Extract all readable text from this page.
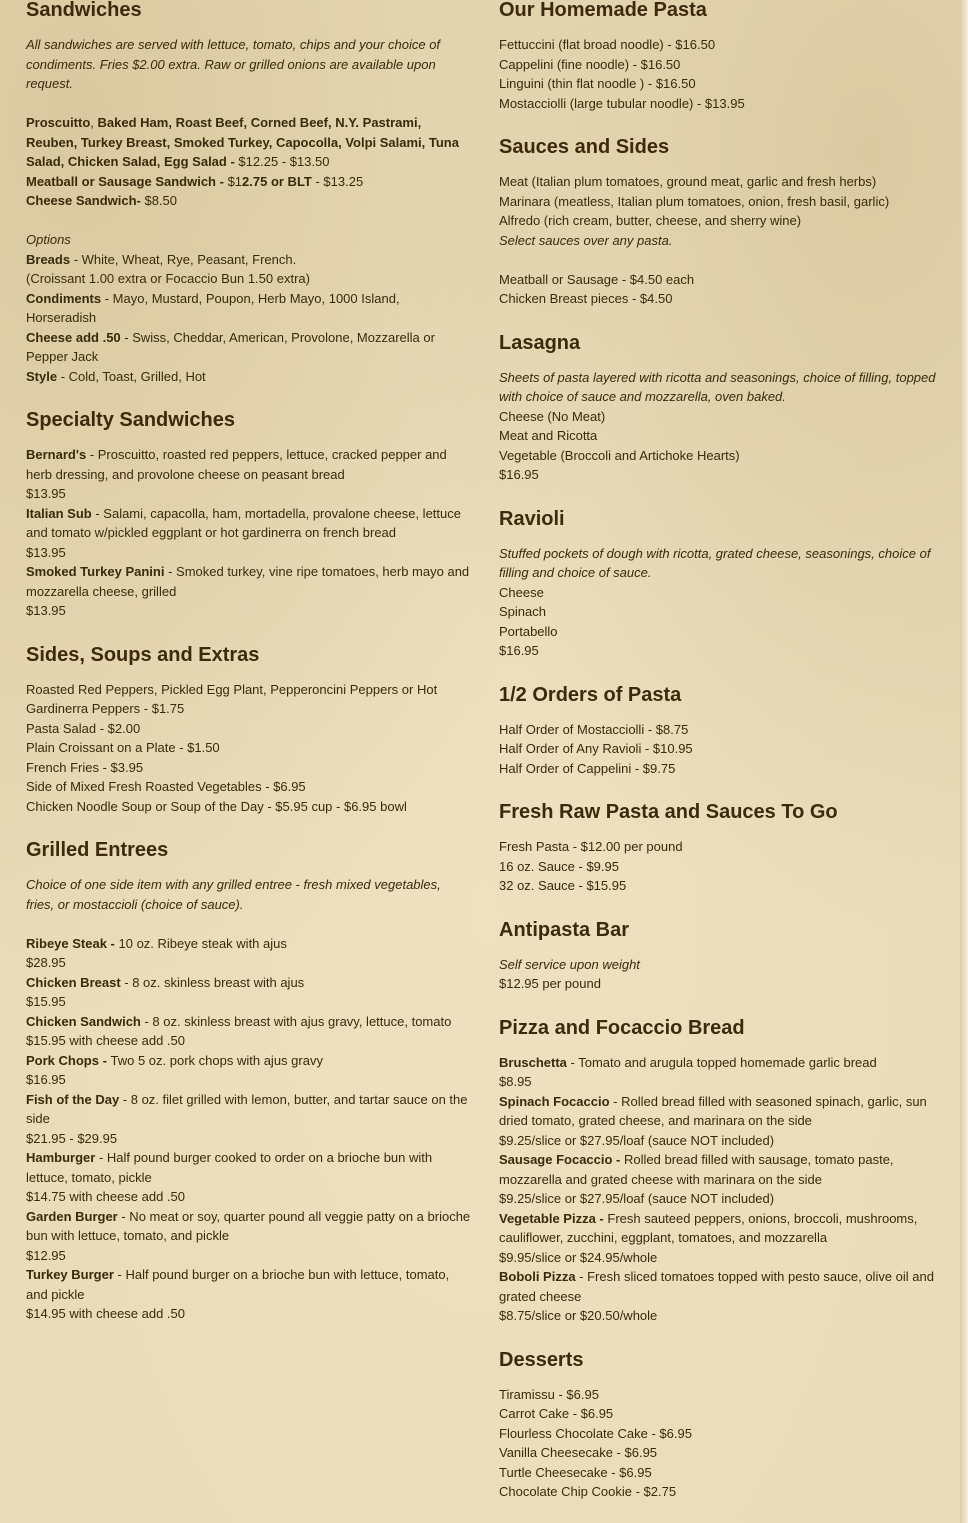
Sandwiches

All sandwiches are served with lettuce, tomato, chips and your choice of condiments. Fries $2.00 extra. Raw or grilled onions are available upon request.

Proscuitto, Baked Ham, Roast Beef, Corned Beef, N.Y. Pastrami, Reuben, Turkey Breast, Smoked Turkey, Capocolla, Volpi Salami, Tuna Salad, Chicken Salad, Egg Salad - $12.25 - $13.50

Meatball or Sausage Sandwich - $12.75 or BLT - $13.25

Cheese Sandwich- $8.50

Options

Breads - White, Wheat, Rye, Peasant, French.

(Croissant 1.00 extra or Focaccio Bun 1.50 extra)

Condiments - Mayo, Mustard, Poupon, Herb Mayo, 1000 Island, Horseradish

Cheese add .50 - Swiss, Cheddar, American, Provolone, Mozzarella or Pepper Jack

Style - Cold, Toast, Grilled, Hot

Specialty Sandwiches

Bernard's - Proscuitto, roasted red peppers, lettuce, cracked pepper and herb dressing, and provolone cheese on peasant bread

$13.95

Italian Sub - Salami, capacolla, ham, mortadella, provalone cheese, lettuce and tomato w/pickled eggplant or hot gardinerra on french bread

$13.95

Smoked Turkey Panini - Smoked turkey, vine ripe tomatoes, herb mayo and mozzarella cheese, grilled

$13.95

Sides, Soups and Extras

Roasted Red Peppers, Pickled Egg Plant, Pepperoncini Peppers or Hot Gardinerra Peppers - $1.75

Pasta Salad - $2.00

Plain Croissant on a Plate - $1.50

French Fries - $3.95

Side of Mixed Fresh Roasted Vegetables - $6.95

Chicken Noodle Soup or Soup of the Day - $5.95 cup - $6.95 bowl

Grilled Entrees

Choice of one side item with any grilled entree - fresh mixed vegetables, fries, or mostaccioli (choice of sauce).

Ribeye Steak - 10 oz. Ribeye steak with ajus

$28.95

Chicken Breast - 8 oz. skinless breast with ajus

$15.95

Chicken Sandwich - 8 oz. skinless breast with ajus gravy, lettuce, tomato

$15.95 with cheese add .50

Pork Chops - Two 5 oz. pork chops with ajus gravy

$16.95

Fish of the Day - 8 oz. filet grilled with lemon, butter, and tartar sauce on the side

$21.95 - $29.95

Hamburger - Half pound burger cooked to order on a brioche bun with lettuce, tomato, pickle

$14.75 with cheese add .50

Garden Burger - No meat or soy, quarter pound all veggie patty on a brioche bun with lettuce, tomato, and pickle

$12.95

Turkey Burger - Half pound burger on a brioche bun with lettuce, tomato, and pickle

$14.95 with cheese add .50

Our Homemade Pasta

Fettuccini (flat broad noodle) - $16.50

Cappelini (fine noodle) - $16.50

Linguini (thin flat noodle ) - $16.50

Mostacciolli (large tubular noodle) - $13.95

Sauces and Sides

Meat (Italian plum tomatoes, ground meat, garlic and fresh herbs)

Marinara (meatless, Italian plum tomatoes, onion, fresh basil, garlic)

Alfredo (rich cream, butter, cheese, and sherry wine)

Select sauces over any pasta.

Meatball or Sausage - $4.50 each

Chicken Breast pieces - $4.50

Lasagna

Sheets of pasta layered with ricotta and seasonings, choice of filling, topped with choice of sauce and mozzarella, oven baked.

Cheese (No Meat)

Meat and Ricotta

Vegetable (Broccoli and Artichoke Hearts)

$16.95

Ravioli

Stuffed pockets of dough with ricotta, grated cheese, seasonings, choice of filling and choice of sauce.

Cheese

Spinach

Portabello

$16.95

1/2 Orders of Pasta

Half Order of Mostacciolli - $8.75

Half Order of Any Ravioli - $10.95

Half Order of Cappelini - $9.75

Fresh Raw Pasta and Sauces To Go

Fresh Pasta - $12.00 per pound

16 oz. Sauce - $9.95

32 oz. Sauce - $15.95

Antipasta Bar

Self service upon weight

$12.95 per pound

Pizza and Focaccio Bread

Bruschetta - Tomato and arugula topped homemade garlic bread

$8.95

Spinach Focaccio - Rolled bread filled with seasoned spinach, garlic, sun dried tomato, grated cheese, and marinara on the side

$9.25/slice or $27.95/loaf (sauce NOT included)

Sausage Focaccio - Rolled bread filled with sausage, tomato paste, mozzarella and grated cheese with marinara on the side

$9.25/slice or $27.95/loaf (sauce NOT included)

Vegetable Pizza - Fresh sauteed peppers, onions, broccoli, mushrooms, cauliflower, zucchini, eggplant, tomatoes, and mozzarella

$9.95/slice or $24.95/whole

Boboli Pizza - Fresh sliced tomatoes topped with pesto sauce, olive oil and grated cheese

$8.75/slice or $20.50/whole

Desserts

Tiramissu - $6.95

Carrot Cake - $6.95

Flourless Chocolate Cake - $6.95

Vanilla Cheesecake - $6.95

Turtle Cheesecake - $6.95

Chocolate Chip Cookie - $2.75
